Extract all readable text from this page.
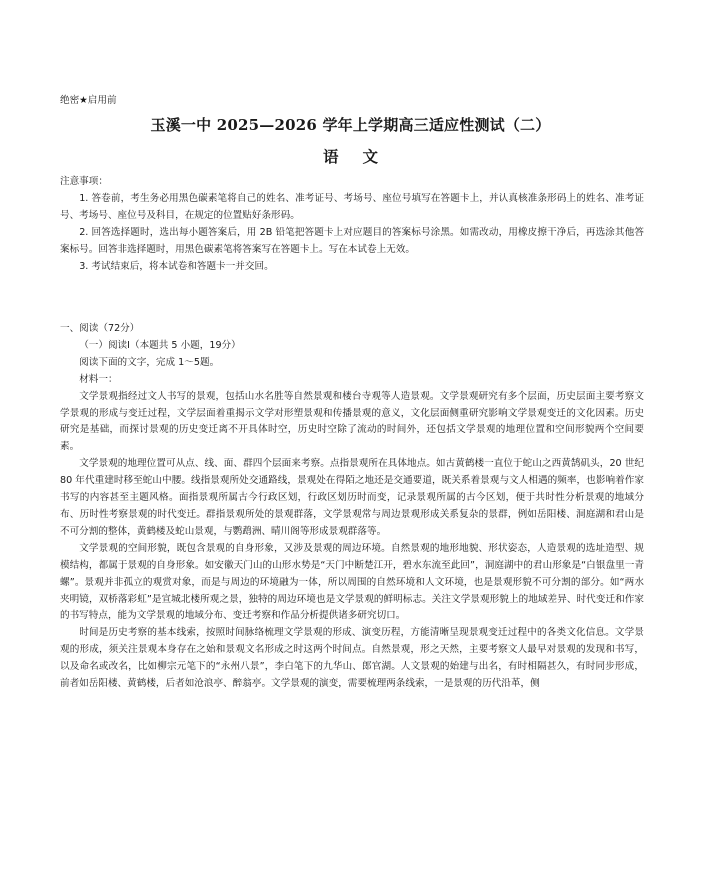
绝密★启用前
玉溪一中 2025—2026 学年上学期高三适应性测试（二）
语文

注意事项：

1. 答卷前，考生务必用黑色碳素笔将自己的姓名、准考证号、考场号、座位号填写在答题卡上，并认真核准条形码上的姓名、准考证号、考场号、座位号及科目，在规定的位置贴好条形码。

2. 回答选择题时，选出每小题答案后，用 2B 铅笔把答题卡上对应题目的答案标号涂黑。如需改动，用橡皮擦干净后，再选涂其他答案标号。回答非选择题时，用黑色碳素笔将答案写在答题卡上。写在本试卷上无效。

3. 考试结束后，将本试卷和答题卡一并交回。

一、阅读（72分）

（一）阅读Ⅰ（本题共 5 小题，19分）

阅读下面的文字，完成 1～5题。

材料一：

文学景观指经过文人书写的景观，包括山水名胜等自然景观和楼台寺观等人造景观。文学景观研究有多个层面，历史层面主要考察文学景观的形成与变迁过程，文学层面着重揭示文学对形塑景观和传播景观的意义，文化层面侧重研究影响文学景观变迁的文化因素。历史研究是基础，而探讨景观的历史变迁离不开具体时空，历史时空除了流动的时间外，还包括文学景观的地理位置和空间形貌两个空间要素。

文学景观的地理位置可从点、线、面、群四个层面来考察。点指景观所在具体地点。如古黄鹤楼一直位于蛇山之西黄鹄矶头，20 世纪 80 年代重建时移至蛇山中腰。线指景观所处交通路线，景观处在得陌之地还是交通要道，既关系着景观与文人相遇的频率，也影响着作家书写的内容甚至主题风格。面指景观所属古今行政区划，行政区划历时而变，记录景观所属的古今区划，便于共时性分析景观的地域分布、历时性考察景观的时代变迁。群指景观所处的景观群落，文学景观常与周边景观形成关系复杂的景群，例如岳阳楼、洞庭湖和君山是不可分割的整体，黄鹤楼及蛇山景观，与鹦鹉洲、晴川阁等形成景观群落等。

文学景观的空间形貌，既包含景观的自身形象，又涉及景观的周边环境。自然景观的地形地貌、形状姿态，人造景观的选址造型、规模结构，都属于景观的自身形象。如安徽天门山的山形水势是“天门中断楚江开，碧水东流至此回”，洞庭湖中的君山形象是“白银盘里一青螺”。景观并非孤立的观赏对象，而是与周边的环境融为一体，所以周围的自然环境和人文环境，也是景观形貌不可分割的部分。如“两水夹明镜，双桥落彩虹”是宣城北楼所观之景，独特的周边环境也是文学景观的鲜明标志。关注文学景观形貌上的地域差异、时代变迁和作家的书写特点，能为文学景观的地域分布、变迁考察和作品分析提供诸多研究切口。

时间是历史考察的基本线索，按照时间脉络梳理文学景观的形成、演变历程，方能清晰呈现景观变迁过程中的各类文化信息。文学景观的形成，须关注景观本身存在之始和景观文名形成之时这两个时间点。自然景观，形之天然，主要考察文人最早对景观的发现和书写，以及命名或改名，比如柳宗元笔下的“永州八景”，李白笔下的九华山、郎官湖。人文景观的始建与出名，有时相隔甚久，有时同步形成，前者如岳阳楼、黄鹤楼，后者如沧浪亭、醉翁亭。文学景观的演变，需要梳理两条线索，一是景观的历代沿革，侧
